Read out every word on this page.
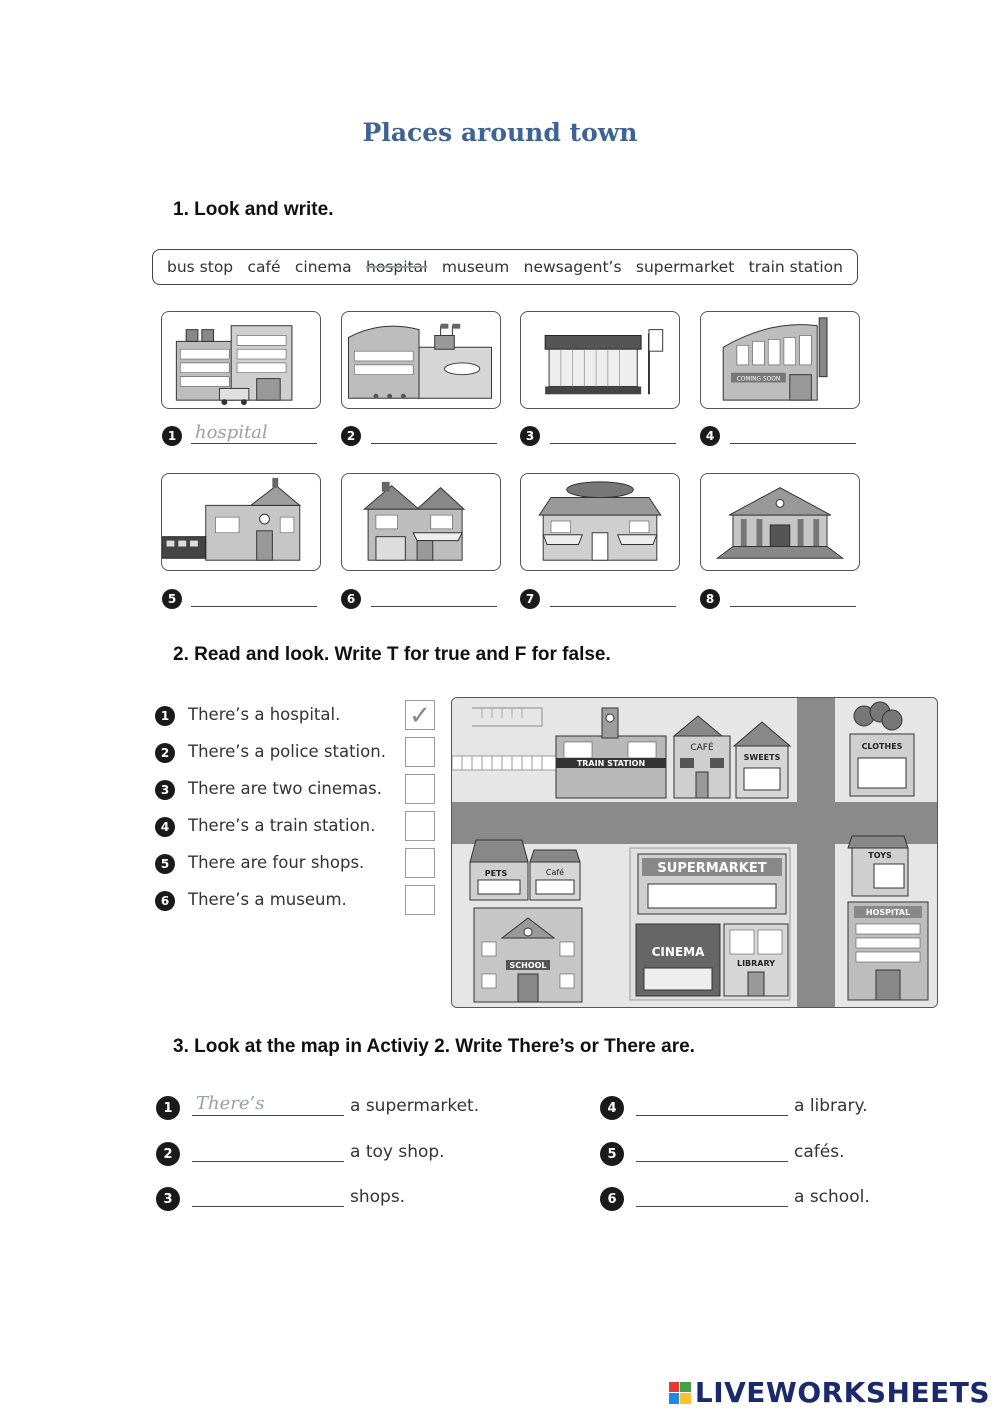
Places around town
1. Look and write.
bus stop café cinema hospital museum newsagent’s supermarket train station
COMING SOON
1
hospital	2	3	4
5	6	7	8
2. Read and look. Write T for true and F for false.
1	There’s a hospital.	✓
2	There’s a police station.
3	There are two cinemas.
4	There’s a train station.
5	There are four shops.
6	There’s a museum.
TRAIN STATION
CAFÉ
SWEETS
CLOTHES
PETS	Café
SCHOOL
SUPERMARKET
CINEMA
LIBRARY
TOYS
HOSPITAL
3. Look at the map in Activiy 2. Write There’s or There are.
1
There’s	a supermarket.
2	a toy shop.
3	shops.
4	a library.
5	cafés.
6	a school.
LIVEWORKSHEETS
